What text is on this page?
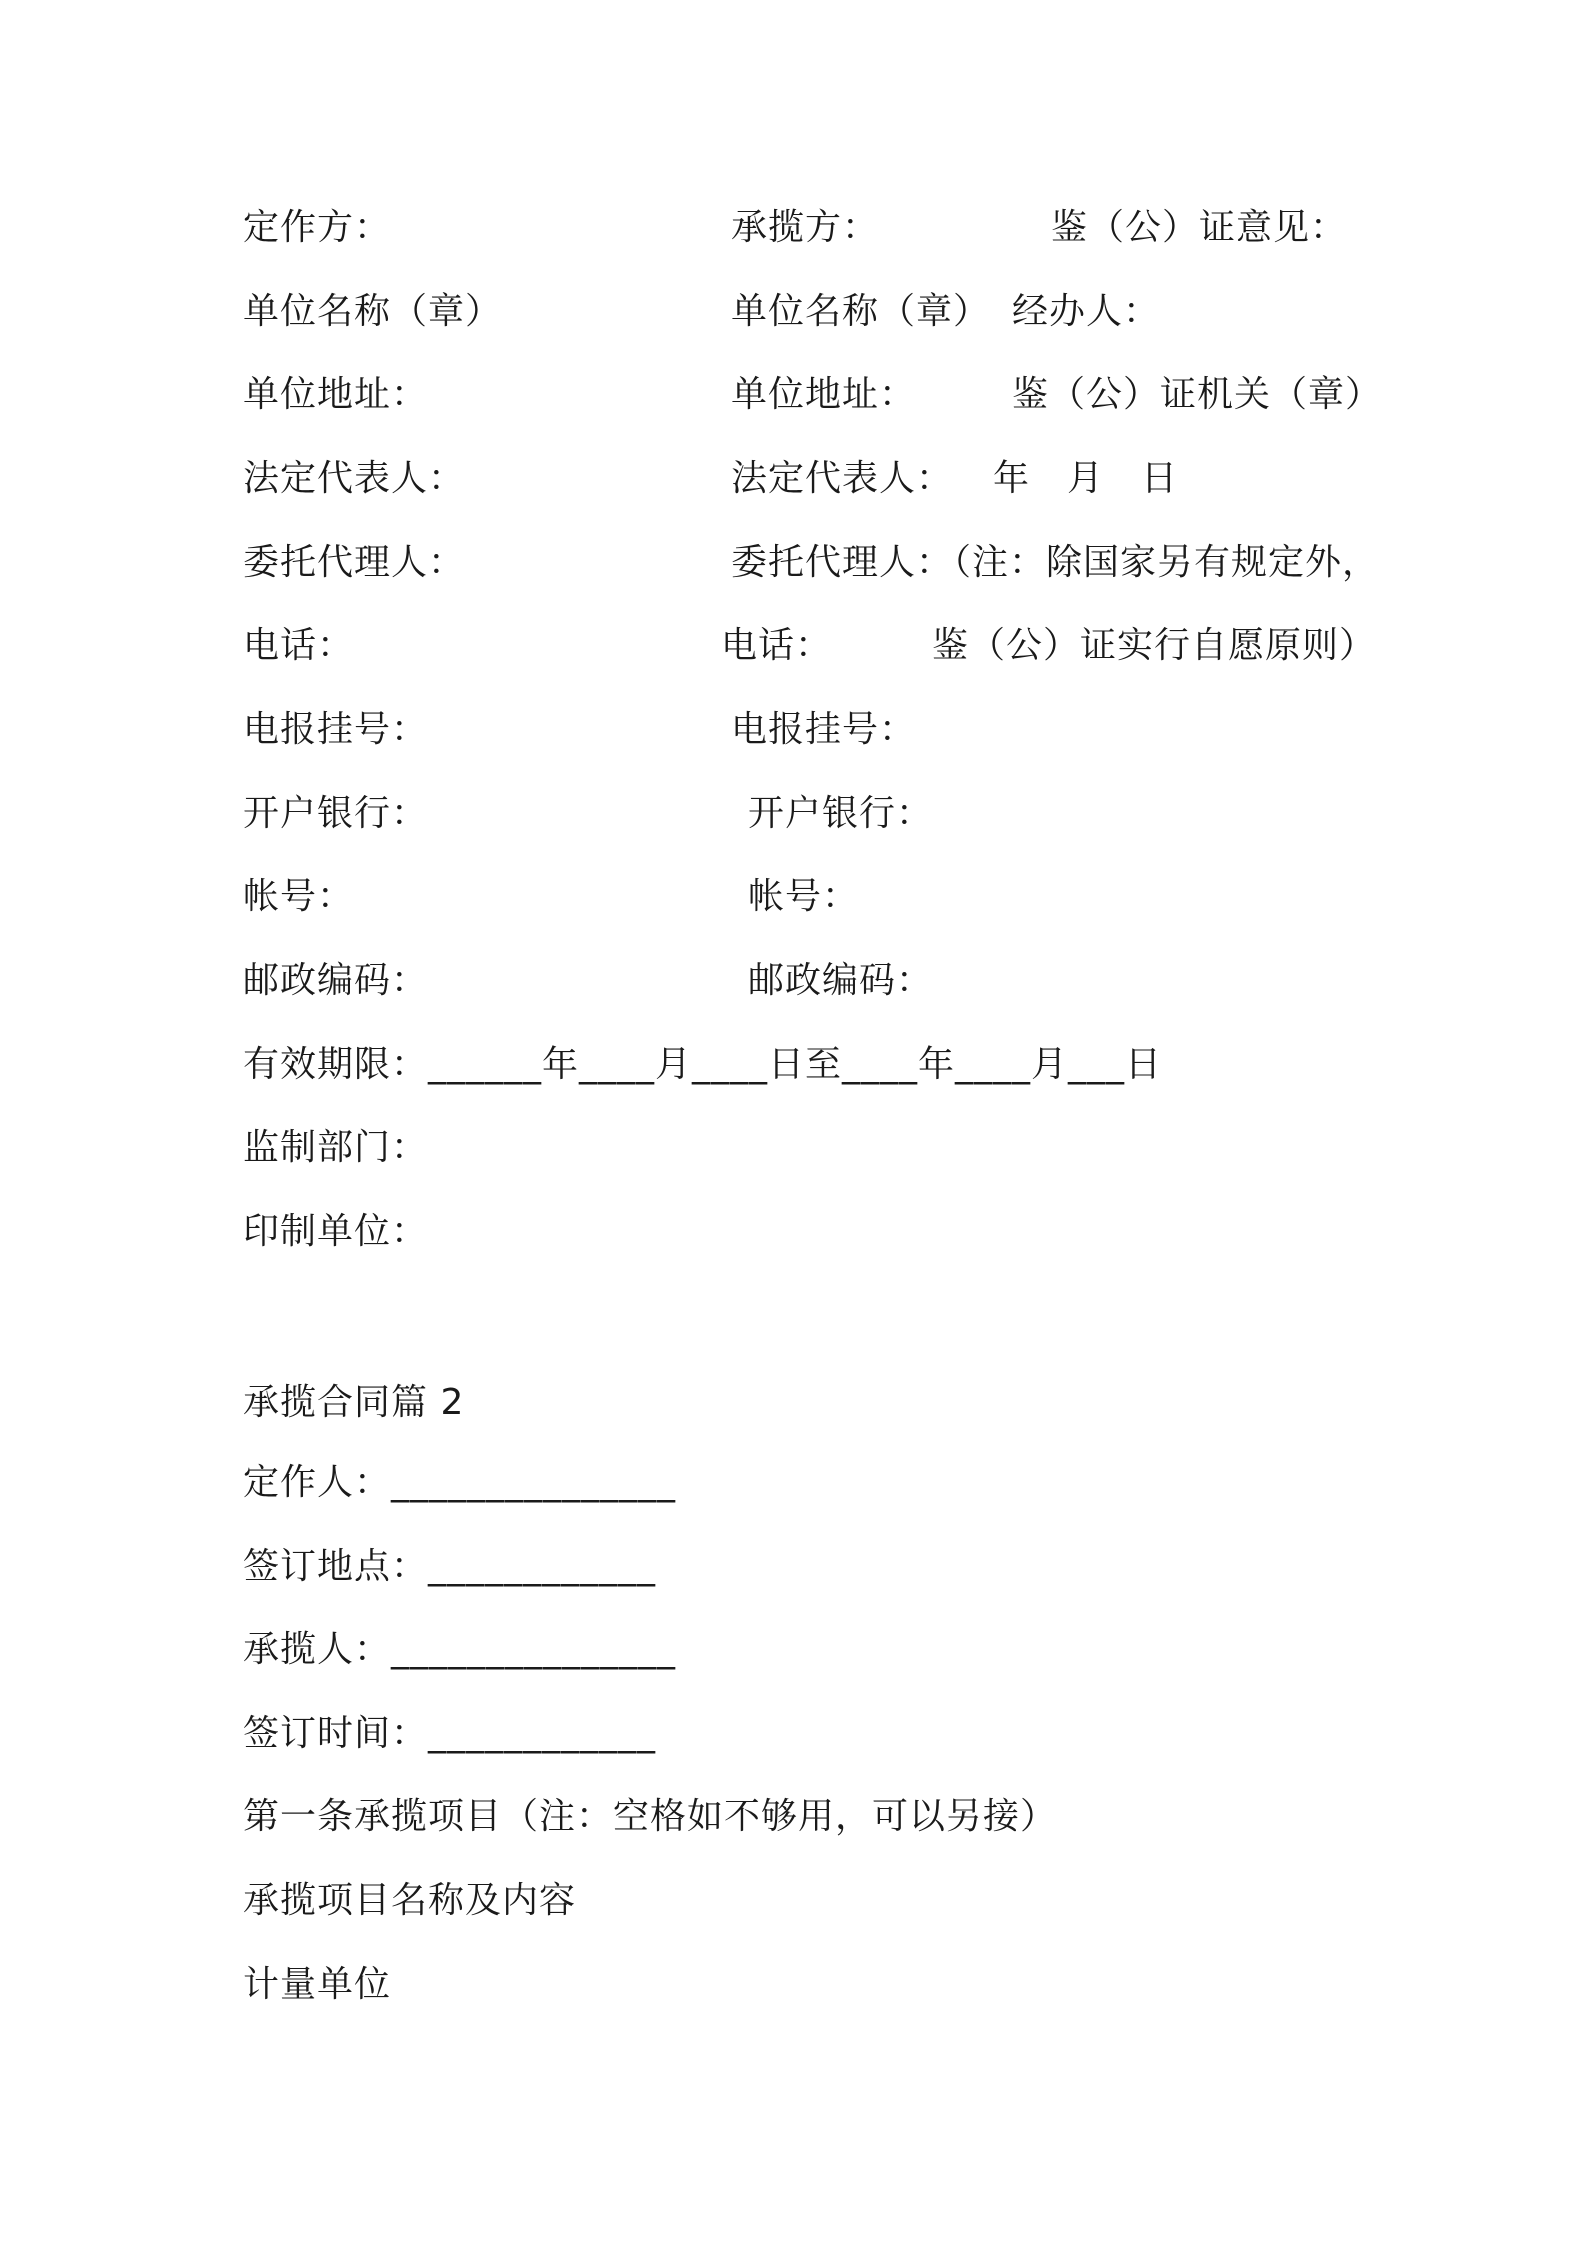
定作方：
单位名称（章）
单位地址：
法定代表人：
委托代理人：
电话：
电报挂号：
开户银行：
帐号：
邮政编码：
承揽方：
单位名称（章）
单位地址：
法定代表人：
委托代理人：（注：除国家另有规定外，
电话：
电报挂号：
开户银行：
帐号：
邮政编码：
鉴（公）证意见：
经办人：
鉴（公）证机关（章）
年　月　日
鉴（公）证实行自愿原则）
有效期限：______年____月____日至____年____月___日
监制部门：
印制单位：
承揽合同篇 2
定作人：_______________
签订地点：____________
承揽人：_______________
签订时间：____________
第一条承揽项目（注：空格如不够用，可以另接）
承揽项目名称及内容
计量单位
